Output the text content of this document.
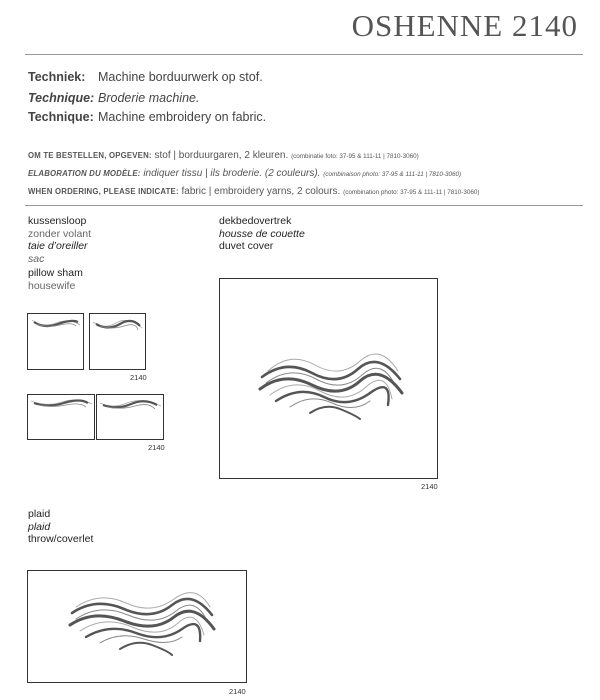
OSHENNE 2140
Techniek: Machine borduurwerk op stof.
Technique: Broderie machine.
Technique: Machine embroidery on fabric.
OM TE BESTELLEN, OPGEVEN: stof | borduurgaren, 2 kleuren. (combinatie foto: 37-95 & 111-11 | 7810-3060)
ELABORATION DU MODÈLE: indiquer tissu | ils broderie. (2 couleurs). (combinaison photo: 37-95 & 111-11 | 7810-3060)
WHEN ORDERING, PLEASE INDICATE: fabric | embroidery yarns, 2 colours. (combination photo: 37-95 & 111-11 | 7810-3060)
kussensloop
zonder volant
taie d’oreiller
sac
pillow sham
housewife
2140
2140
dekbedovertrek
housse de couette
duvet cover
2140
plaid
plaid
throw/coverlet
2140
